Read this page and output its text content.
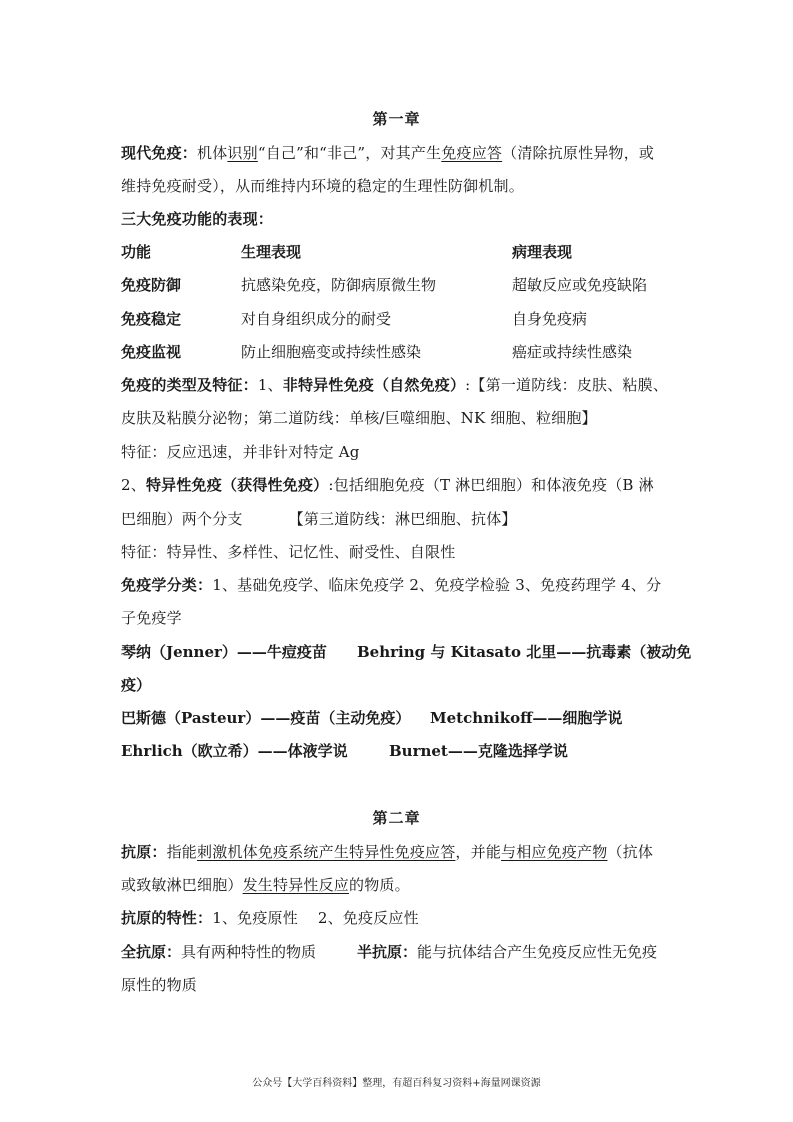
第一章
现代免疫：机体识别“自己”和“非己”，对其产生免疫应答（清除抗原性异物，或
维持免疫耐受），从而维持内环境的稳定的生理性防御机制。
三大免疫功能的表现：
功能	生理表现	病理表现
免疫防御	抗感染免疫，防御病原微生物	超敏反应或免疫缺陷
免疫稳定	对自身组织成分的耐受	自身免疫病
免疫监视	防止细胞癌变或持续性感染	癌症或持续性感染
免疫的类型及特征：1、非特异性免疫（自然免疫）:【第一道防线：皮肤、粘膜、
皮肤及粘膜分泌物；第二道防线：单核/巨噬细胞、NK 细胞、粒细胞】
特征：反应迅速，并非针对特定 Ag
2、特异性免疫（获得性免疫）:包括细胞免疫（T 淋巴细胞）和体液免疫（B 淋
巴细胞）两个分支	【第三道防线：淋巴细胞、抗体】
特征：特异性、多样性、记忆性、耐受性、自限性
免疫学分类：1、基础免疫学、临床免疫学 2、免疫学检验 3、免疫药理学 4、分
子免疫学
琴纳（Jenner）——牛痘疫苗 Behring 与 Kitasato 北里——抗毒素（被动免
疫）
巴斯德（Pasteur）——疫苗（主动免疫） Metchnikoff——细胞学说
Ehrlich（欧立希）——体液学说	Burnet——克隆选择学说
第二章
抗原：指能刺激机体免疫系统产生特异性免疫应答，并能与相应免疫产物（抗体
或致敏淋巴细胞）发生特异性反应的物质。
抗原的特性：1、免疫原性    2、免疫反应性
全抗原：具有两种特性的物质	半抗原：能与抗体结合产生免疫反应性无免疫
原性的物质
公众号【大学百科资料】整理，有超百科复习资料+海量网课资源
